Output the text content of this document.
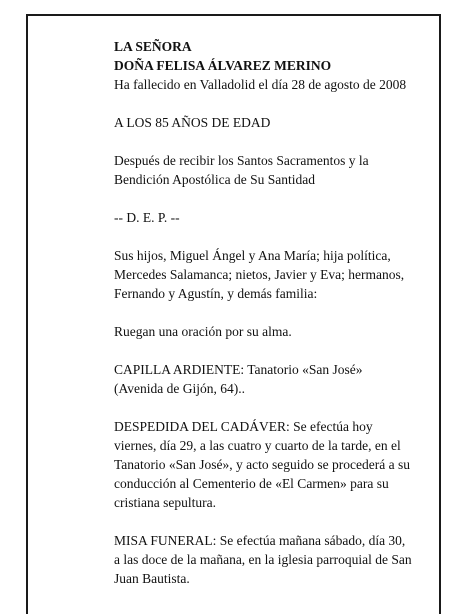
LA SEÑORA

DOÑA FELISA ÁLVAREZ MERINO

Ha fallecido en Valladolid el día 28 de agosto de 2008

A LOS 85 AÑOS DE EDAD

Después de recibir los Santos Sacramentos y la Bendición Apostólica de Su Santidad

-- D. E. P. --

Sus hijos, Miguel Ángel y Ana María; hija política, Mercedes Salamanca; nietos, Javier y Eva; hermanos, Fernando y Agustín, y demás familia:

Ruegan una oración por su alma.

CAPILLA ARDIENTE: Tanatorio «San José» (Avenida de Gijón, 64)..

DESPEDIDA DEL CADÁVER: Se efectúa hoy viernes, día 29, a las cuatro y cuarto de la tarde, en el Tanatorio «San José», y acto seguido se procederá a su conducción al Cementerio de «El Carmen» para su cristiana sepultura.

MISA FUNERAL: Se efectúa mañana sábado, día 30, a las doce de la mañana, en la iglesia parroquial de San Juan Bautista.
